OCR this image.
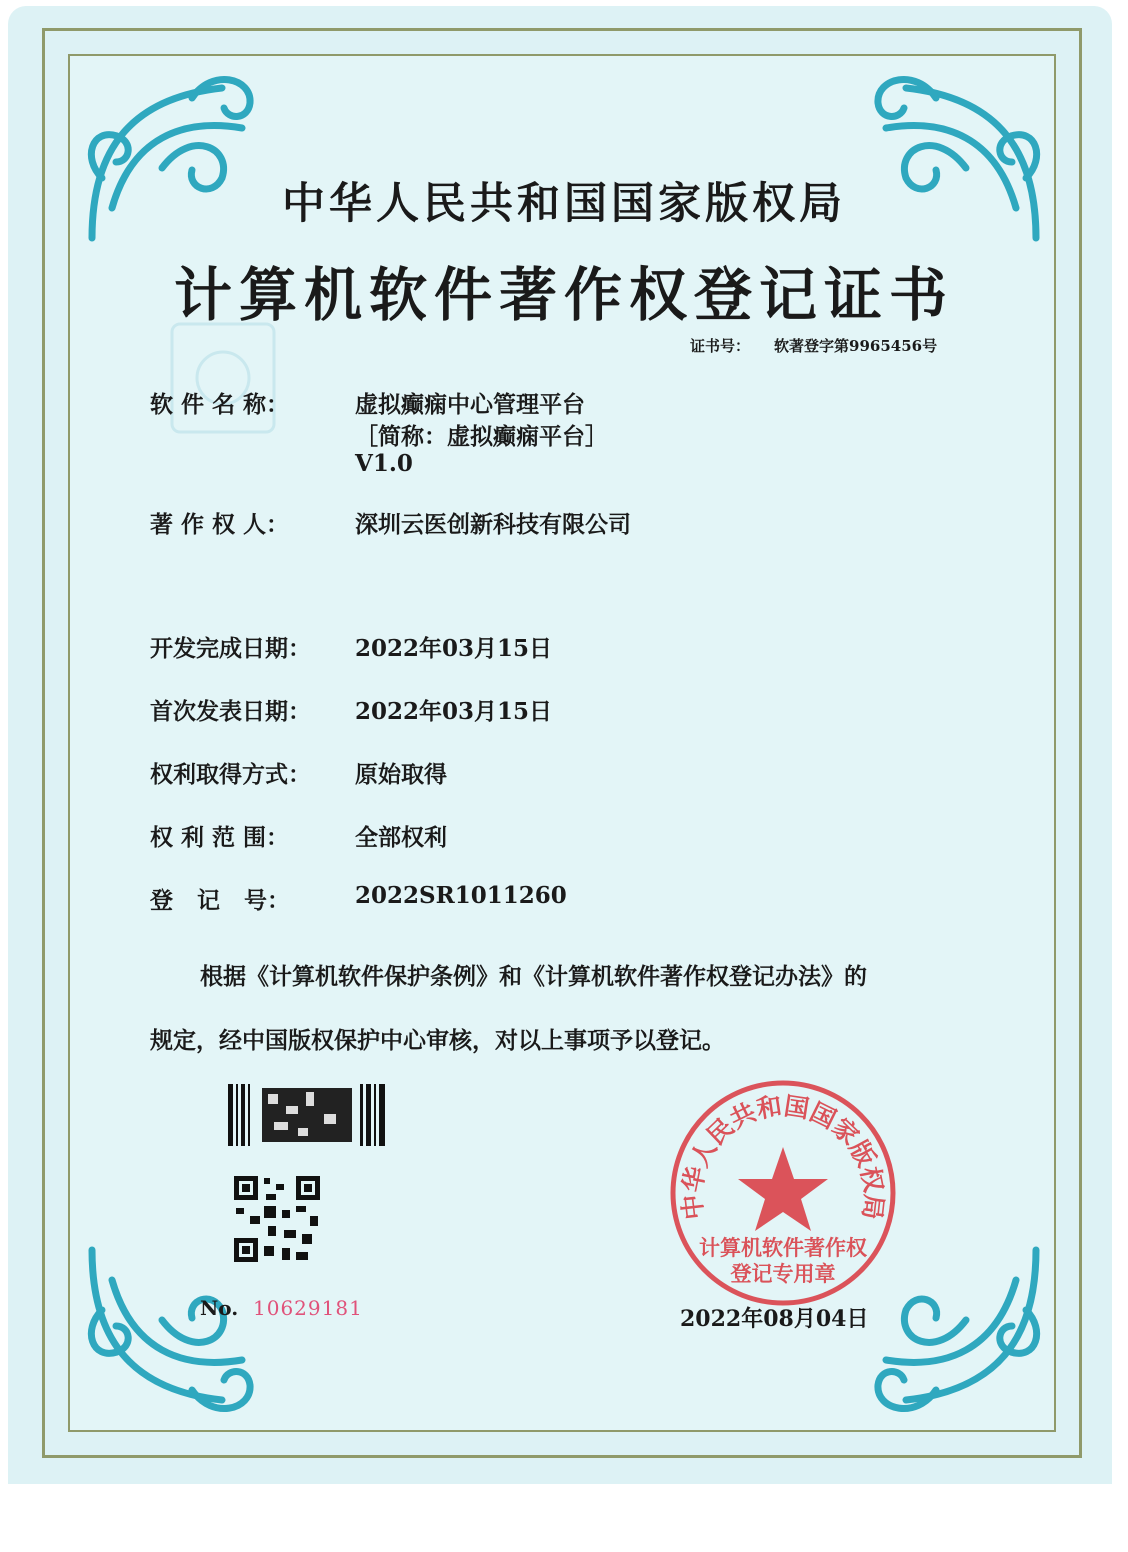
中华人民共和国国家版权局
计算机软件著作权登记证书
证书号： 软著登字第9965456号
软 件 名 称：	虚拟癫痫中心管理平台
［简称：虚拟癫痫平台］
V1.0
著 作 权 人：	深圳云医创新科技有限公司
开发完成日期： 2022年03月15日
首次发表日期： 2022年03月15日
权利取得方式： 原始取得
权 利 范 围：	全部权利
登   记   号：	2022SR1011260
根据《计算机软件保护条例》和《计算机软件著作权登记办法》的
规定，经中国版权保护中心审核，对以上事项予以登记。
No. 10629181
中华人民共和国国家版权局
计算机软件著作权
登记专用章
2022年08月04日
